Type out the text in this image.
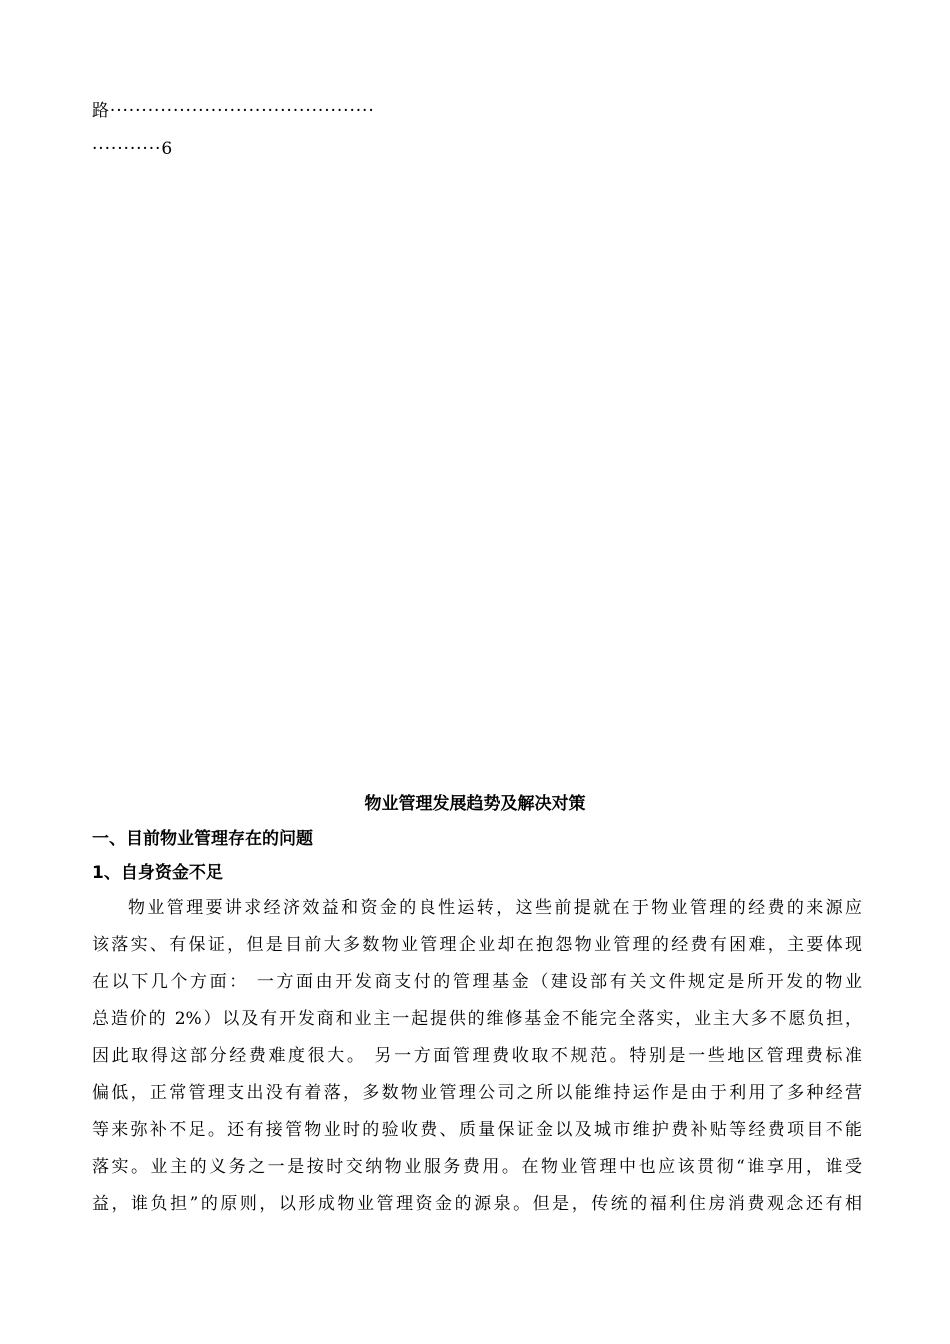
路··········································
···········6
物业管理发展趋势及解决对策
一、目前物业管理存在的问题
1、自身资金不足
物业管理要讲求经济效益和资金的良性运转，这些前提就在于物业管理的经费的来源应
该落实、有保证，但是目前大多数物业管理企业却在抱怨物业管理的经费有困难，主要体现
在以下几个方面： 一方面由开发商支付的管理基金（建设部有关文件规定是所开发的物业
总造价的 2%）以及有开发商和业主一起提供的维修基金不能完全落实，业主大多不愿负担，
因此取得这部分经费难度很大。 另一方面管理费收取不规范。特别是一些地区管理费标准
偏低，正常管理支出没有着落，多数物业管理公司之所以能维持运作是由于利用了多种经营
等来弥补不足。还有接管物业时的验收费、质量保证金以及城市维护费补贴等经费项目不能
落实。业主的义务之一是按时交纳物业服务费用。在物业管理中也应该贯彻“谁享用，谁受
益，谁负担”的原则，以形成物业管理资金的源泉。但是，传统的福利住房消费观念还有相
